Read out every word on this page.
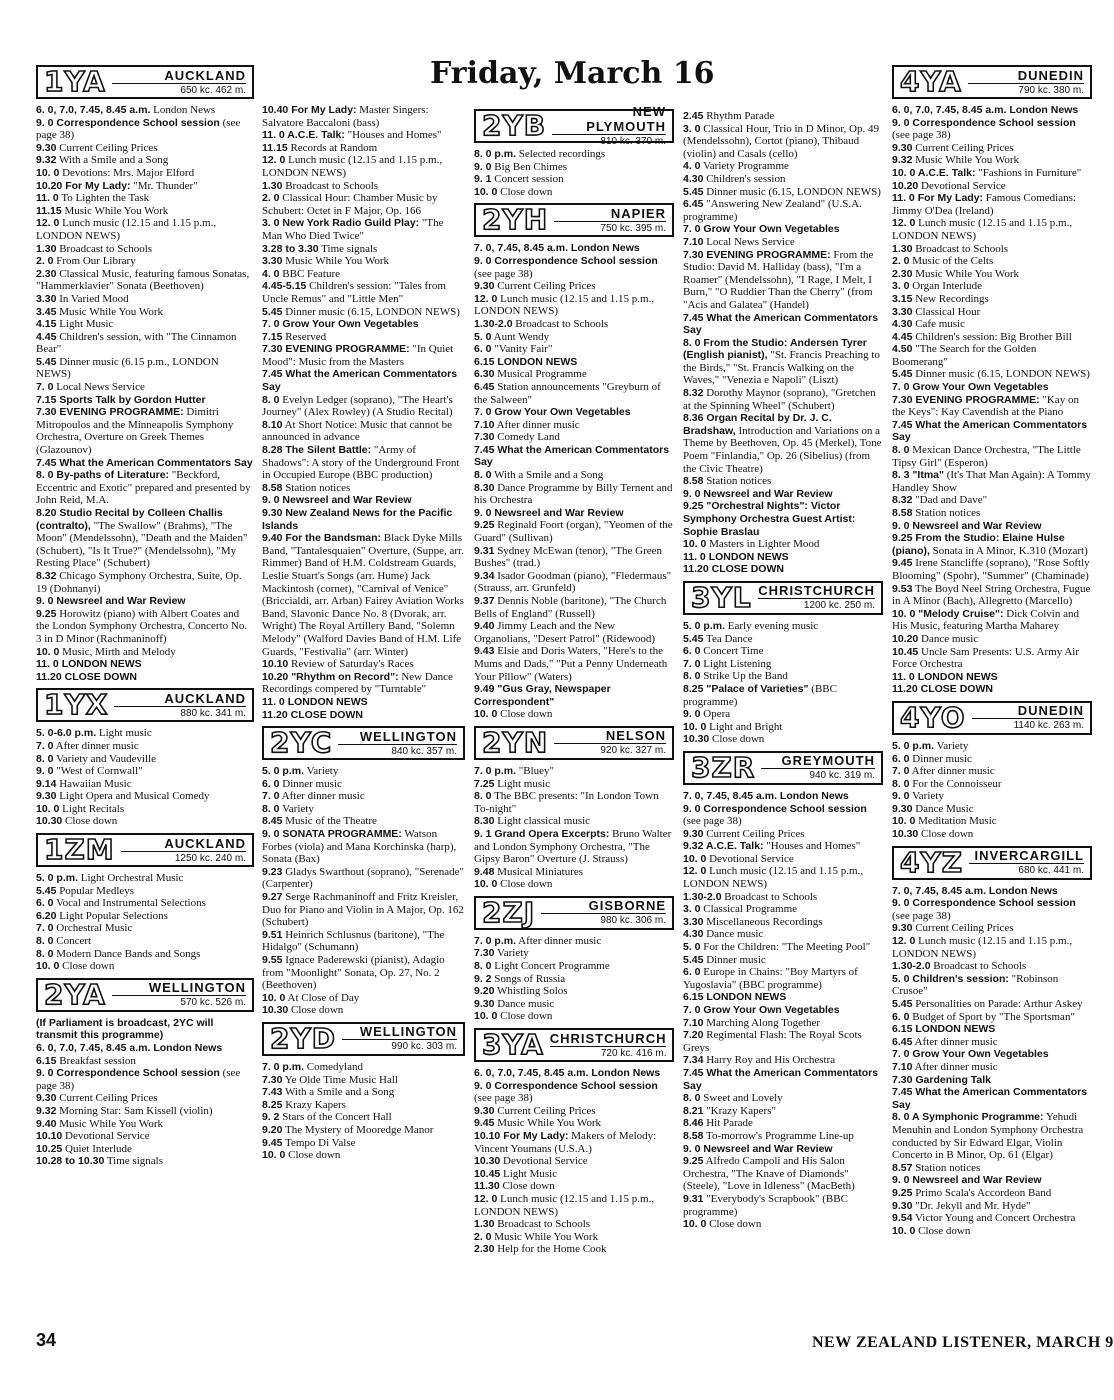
Friday, March 16
1YA	AUCKLAND
650 kc. 462 m.

6. 0, 7.0, 7.45, 8.45 a.m. London News

9. 0 Correspondence School session (see page 38)

9.30 Current Ceiling Prices

9.32 With a Smile and a Song

10. 0 Devotions: Mrs. Major Elford

10.20 For My Lady: "Mr. Thunder"

11. 0 To Lighten the Task

11.15 Music While You Work

12. 0 Lunch music (12.15 and 1.15 p.m., LONDON NEWS)

1.30 Broadcast to Schools

2. 0 From Our Library

2.30 Classical Music, featuring famous Sonatas, "Hammerklavier" Sonata (Beethoven)

3.30 In Varied Mood

3.45 Music While You Work

4.15 Light Music

4.45 Children's session, with "The Cinnamon Bear"

5.45 Dinner music (6.15 p.m., LONDON NEWS)

7. 0 Local News Service

7.15 Sports Talk by Gordon Hutter

7.30 EVENING PROGRAMME: Dimitri Mitropoulos and the Minneapolis Symphony Orchestra, Overture on Greek Themes (Glazounov)

7.45 What the American Commentators Say

8. 0 By-paths of Literature: "Beckford, Eccentric and Exotic" prepared and presented by John Reid, M.A.

8.20 Studio Recital by Colleen Challis (contralto), "The Swallow" (Brahms), "The Moon" (Mendelssohn), "Death and the Maiden" (Schubert), "Is It True?" (Mendelssohn), "My Resting Place" (Schubert)

8.32 Chicago Symphony Orchestra, Suite, Op. 19 (Dohnanyi)

9. 0 Newsreel and War Review

9.25 Horowitz (piano) with Albert Coates and the London Symphony Orchestra, Concerto No. 3 in D Minor (Rachmaninoff)

10. 0 Music, Mirth and Melody

11. 0 LONDON NEWS

11.20 CLOSE DOWN

1YX	AUCKLAND
880 kc. 341 m.

5. 0-6.0 p.m. Light music

7. 0 After dinner music

8. 0 Variety and Vaudeville

9. 0 "West of Cornwall"

9.14 Hawaiian Music

9.30 Light Opera and Musical Comedy

10. 0 Light Recitals

10.30 Close down

1ZM	AUCKLAND
1250 kc. 240 m.

5. 0 p.m. Light Orchestral Music

5.45 Popular Medleys

6. 0 Vocal and Instrumental Selections

6.20 Light Popular Selections

7. 0 Orchestral Music

8. 0 Concert

8. 0 Modern Dance Bands and Songs

10. 0 Close down

2YA	WELLINGTON
570 kc. 526 m.

(If Parliament is broadcast, 2YC will transmit this programme)

6. 0, 7.0, 7.45, 8.45 a.m. London News

6.15 Breakfast session

9. 0 Correspondence School session (see page 38)

9.30 Current Ceiling Prices

9.32 Morning Star: Sam Kissell (violin)

9.40 Music While You Work

10.10 Devotional Service

10.25 Quiet Interlude

10.28 to 10.30 Time signals

10.40 For My Lady: Master Singers: Salvatore Baccaloni (bass)

11. 0 A.C.E. Talk: "Houses and Homes"

11.15 Records at Random

12. 0 Lunch music (12.15 and 1.15 p.m., LONDON NEWS)

1.30 Broadcast to Schools

2. 0 Classical Hour: Chamber Music by Schubert: Octet in F Major, Op. 166

3. 0 New York Radio Guild Play: "The Man Who Died Twice"

3.28 to 3.30 Time signals

3.30 Music While You Work

4. 0 BBC Feature

4.45-5.15 Children's session: "Tales from Uncle Remus" and "Little Men"

5.45 Dinner music (6.15, LONDON NEWS)

7. 0 Grow Your Own Vegetables

7.15 Reserved

7.30 EVENING PROGRAMME: "In Quiet Mood": Music from the Masters

7.45 What the American Commentators Say

8. 0 Evelyn Ledger (soprano), "The Heart's Journey" (Alex Rowley) (A Studio Recital)

8.10 At Short Notice: Music that cannot be announced in advance

8.28 The Silent Battle: "Army of Shadows": A story of the Underground Front in Occupied Europe (BBC production)

8.58 Station notices

9. 0 Newsreel and War Review

9.30 New Zealand News for the Pacific Islands

9.40 For the Bandsman: Black Dyke Mills Band, "Tantalesquaien" Overture, (Suppe, arr. Rimmer) Band of H.M. Coldstream Guards, Leslie Stuart's Songs (arr. Hume) Jack Mackintosh (cornet), "Carnival of Venice" (Briccialdi, arr. Arban) Fairey Aviation Works Band, Slavonic Dance No. 8 (Dvorak, arr. Wright) The Royal Artillery Band, "Solemn Melody" (Walford Davies Band of H.M. Life Guards, "Festivalia" (arr. Winter)

10.10 Review of Saturday's Races

10.20 "Rhythm on Record": New Dance Recordings compered by "Turntable"

11. 0 LONDON NEWS

11.20 CLOSE DOWN

2YC	WELLINGTON
840 kc. 357 m.

5. 0 p.m. Variety

6. 0 Dinner music

7. 0 After dinner music

8. 0 Variety

8.45 Music of the Theatre

9. 0 SONATA PROGRAMME: Watson Forbes (viola) and Mana Korchinska (harp), Sonata (Bax)

9.23 Gladys Swarthout (soprano), "Serenade" (Carpenter)

9.27 Serge Rachmaninoff and Fritz Kreisler, Duo for Piano and Violin in A Major, Op. 162 (Schubert)

9.51 Heinrich Schlusnus (baritone), "The Hidalgo" (Schumann)

9.55 Ignace Paderewski (pianist), Adagio from "Moonlight" Sonata, Op. 27, No. 2 (Beethoven)

10. 0 At Close of Day

10.30 Close down

2YD	WELLINGTON
990 kc. 303 m.

7. 0 p.m. Comedyland

7.30 Ye Olde Time Music Hall

7.43 With a Smile and a Song

8.25 Krazy Kapers

9. 2 Stars of the Concert Hall

9.20 The Mystery of Mooredge Manor

9.45 Tempo Di Valse

10. 0 Close down

2YB	NEW PLYMOUTH
810 kc. 370 m.

8. 0 p.m. Selected recordings

9. 0 Big Ben Chimes

9. 1 Concert session

10. 0 Close down

2YH	NAPIER
750 kc. 395 m.

7. 0, 7.45, 8.45 a.m. London News

9. 0 Correspondence School session (see page 38)

9.30 Current Ceiling Prices

12. 0 Lunch music (12.15 and 1.15 p.m., LONDON NEWS)

1.30-2.0 Broadcast to Schools

5. 0 Aunt Wendy

6. 0 "Vanity Fair"

6.15 LONDON NEWS

6.30 Musical Programme

6.45 Station announcements "Greyburn of the Salween"

7. 0 Grow Your Own Vegetables

7.10 After dinner music

7.30 Comedy Land

7.45 What the American Commentators Say

8. 0 With a Smile and a Song

8.30 Dance Programme by Billy Ternent and his Orchestra

9. 0 Newsreel and War Review

9.25 Reginald Foort (organ), "Yeomen of the Guard" (Sullivan)

9.31 Sydney McEwan (tenor), "The Green Bushes" (trad.)

9.34 Isador Goodman (piano), "Fledermaus" (Strauss, arr. Grunfeld)

9.37 Dennis Noble (baritone), "The Church Bells of England" (Russell)

9.40 Jimmy Leach and the New Organolians, "Desert Patrol" (Ridewood)

9.43 Elsie and Doris Waters, "Here's to the Mums and Dads," "Put a Penny Underneath Your Pillow" (Waters)

9.49 "Gus Gray, Newspaper Correspondent"

10. 0 Close down

2YN	NELSON
920 kc. 327 m.

7. 0 p.m. "Bluey"

7.25 Light music

8. 0 The BBC presents: "In London Town To-night"

8.30 Light classical music

9. 1 Grand Opera Excerpts: Bruno Walter and London Symphony Orchestra, "The Gipsy Baron" Overture (J. Strauss)

9.48 Musical Miniatures

10. 0 Close down

2ZJ	GISBORNE
980 kc. 306 m.

7. 0 p.m. After dinner music

7.30 Variety

8. 0 Light Concert Programme

9. 2 Songs of Russia

9.20 Whistling Solos

9.30 Dance music

10. 0 Close down

3YA CHRISTCHURCH
720 kc. 416 m.

6. 0, 7.0, 7.45, 8.45 a.m. London News

9. 0 Correspondence School session (see page 38)

9.30 Current Ceiling Prices

9.45 Music While You Work

10.10 For My Lady: Makers of Melody: Vincent Youmans (U.S.A.)

10.30 Devotional Service

10.45 Light Music

11.30 Close down

12. 0 Lunch music (12.15 and 1.15 p.m., LONDON NEWS)

1.30 Broadcast to Schools

2. 0 Music While You Work

2.30 Help for the Home Cook

2.45 Rhythm Parade

3. 0 Classical Hour, Trio in D Minor, Op. 49 (Mendelssohn), Cortot (piano), Thibaud (violin) and Casals (cello)

4. 0 Variety Programme

4.30 Children's session

5.45 Dinner music (6.15, LONDON NEWS)

6.45 "Answering New Zealand" (U.S.A. programme)

7. 0 Grow Your Own Vegetables

7.10 Local News Service

7.30 EVENING PROGRAMME: From the Studio: David M. Halliday (bass), "I'm a Roamer" (Mendelssohn), "I Rage, I Melt, I Burn," "O Ruddier Than the Cherry" (from "Acis and Galatea" (Handel)

7.45 What the American Commentators Say

8. 0 From the Studio: Andersen Tyrer (English pianist), "St. Francis Preaching to the Birds," "St. Francis Walking on the Waves," "Venezia e Napoli" (Liszt)

8.32 Dorothy Maynor (soprano), "Gretchen at the Spinning Wheel" (Schubert)

8.36 Organ Recital by Dr. J. C. Bradshaw, Introduction and Variations on a Theme by Beethoven, Op. 45 (Merkel), Tone Poem "Finlandia," Op. 26 (Sibelius) (from the Civic Theatre)

8.58 Station notices

9. 0 Newsreel and War Review

9.25 "Orchestral Nights": Victor Symphony Orchestra Guest Artist: Sophie Braslau

10. 0 Masters in Lighter Mood

11. 0 LONDON NEWS

11.20 CLOSE DOWN

3YL CHRISTCHURCH
1200 kc. 250 m.

5. 0 p.m. Early evening music

5.45 Tea Dance

6. 0 Concert Time

7. 0 Light Listening

8. 0 Strike Up the Band

8.25 "Palace of Varieties" (BBC programme)

9. 0 Opera

10. 0 Light and Bright

10.30 Close down

3ZR	GREYMOUTH
940 kc. 319 m.

7. 0, 7.45, 8.45 a.m. London News

9. 0 Correspondence School session (see page 38)

9.30 Current Ceiling Prices

9.32 A.C.E. Talk: "Houses and Homes"

10. 0 Devotional Service

12. 0 Lunch music (12.15 and 1.15 p.m., LONDON NEWS)

1.30-2.0 Broadcast to Schools

3. 0 Classical Programme

3.30 Miscellaneous Recordings

4.30 Dance music

5. 0 For the Children: "The Meeting Pool"

5.45 Dinner music

6. 0 Europe in Chains: "Boy Martyrs of Yugoslavia" (BBC programme)

6.15 LONDON NEWS

7. 0 Grow Your Own Vegetables

7.10 Marching Along Together

7.20 Regimental Flash: The Royal Scots Greys

7.34 Harry Roy and His Orchestra

7.45 What the American Commentators Say

8. 0 Sweet and Lovely

8.21 "Krazy Kapers"

8.46 Hit Parade

8.58 To-morrow's Programme Line-up

9. 0 Newsreel and War Review

9.25 Alfredo Campoli and His Salon Orchestra, "The Knave of Diamonds" (Steele), "Love in Idleness" (MacBeth)

9.31 "Everybody's Scrapbook" (BBC programme)

10. 0 Close down

4YA	DUNEDIN
790 kc. 380 m.

6. 0, 7.0, 7.45, 8.45 a.m. London News

9. 0 Correspondence School session (see page 38)

9.30 Current Ceiling Prices

9.32 Music While You Work

10. 0 A.C.E. Talk: "Fashions in Furniture"

10.20 Devotional Service

11. 0 For My Lady: Famous Comedians: Jimmy O'Dea (Ireland)

12. 0 Lunch music (12.15 and 1.15 p.m., LONDON NEWS)

1.30 Broadcast to Schools

2. 0 Music of the Celts

2.30 Music While You Work

3. 0 Organ Interlude

3.15 New Recordings

3.30 Classical Hour

4.30 Cafe music

4.45 Children's session: Big Brother Bill

4.50 "The Search for the Golden Boomerang"

5.45 Dinner music (6.15, LONDON NEWS)

7. 0 Grow Your Own Vegetables

7.30 EVENING PROGRAMME: "Kay on the Keys": Kay Cavendish at the Piano

7.45 What the American Commentators Say

8. 0 Mexican Dance Orchestra, "The Little Tipsy Girl" (Esperon)

8. 3 "Itma" (It's That Man Again): A Tommy Handley Show

8.32 "Dad and Dave"

8.58 Station notices

9. 0 Newsreel and War Review

9.25 From the Studio: Elaine Hulse (piano), Sonata in A Minor, K.310 (Mozart)

9.45 Irene Stancliffe (soprano), "Rose Softly Blooming" (Spohr), "Summer" (Chaminade)

9.53 The Boyd Neel String Orchestra, Fugue in A Minor (Bach), Allegretto (Marcello)

10. 0 "Melody Cruise": Dick Colvin and His Music, featuring Martha Maharey

10.20 Dance music

10.45 Uncle Sam Presents: U.S. Army Air Force Orchestra

11. 0 LONDON NEWS

11.20 CLOSE DOWN

4YO	DUNEDIN
1140 kc. 263 m.

5. 0 p.m. Variety

6. 0 Dinner music

7. 0 After dinner music

8. 0 For the Connoisseur

9. 0 Variety

9.30 Dance Music

10. 0 Meditation Music

10.30 Close down

4YZ INVERCARGILL
680 kc. 441 m.

7. 0, 7.45, 8.45 a.m. London News

9. 0 Correspondence School session (see page 38)

9.30 Current Ceiling Prices

12. 0 Lunch music (12.15 and 1.15 p.m., LONDON NEWS)

1.30-2.0 Broadcast to Schools

5. 0 Children's session: "Robinson Crusoe"

5.45 Personalities on Parade: Arthur Askey

6. 0 Budget of Sport by "The Sportsman"

6.15 LONDON NEWS

6.45 After dinner music

7. 0 Grow Your Own Vegetables

7.10 After dinner music

7.30 Gardening Talk

7.45 What the American Commentators Say

8. 0 A Symphonic Programme: Yehudi Menuhin and London Symphony Orchestra conducted by Sir Edward Elgar, Violin Concerto in B Minor, Op. 61 (Elgar)

8.57 Station notices

9. 0 Newsreel and War Review

9.25 Primo Scala's Accordeon Band

9.30 "Dr. Jekyll and Mr. Hyde"

9.54 Victor Young and Concert Orchestra

10. 0 Close down

34	NEW ZEALAND LISTENER, MARCH 9
